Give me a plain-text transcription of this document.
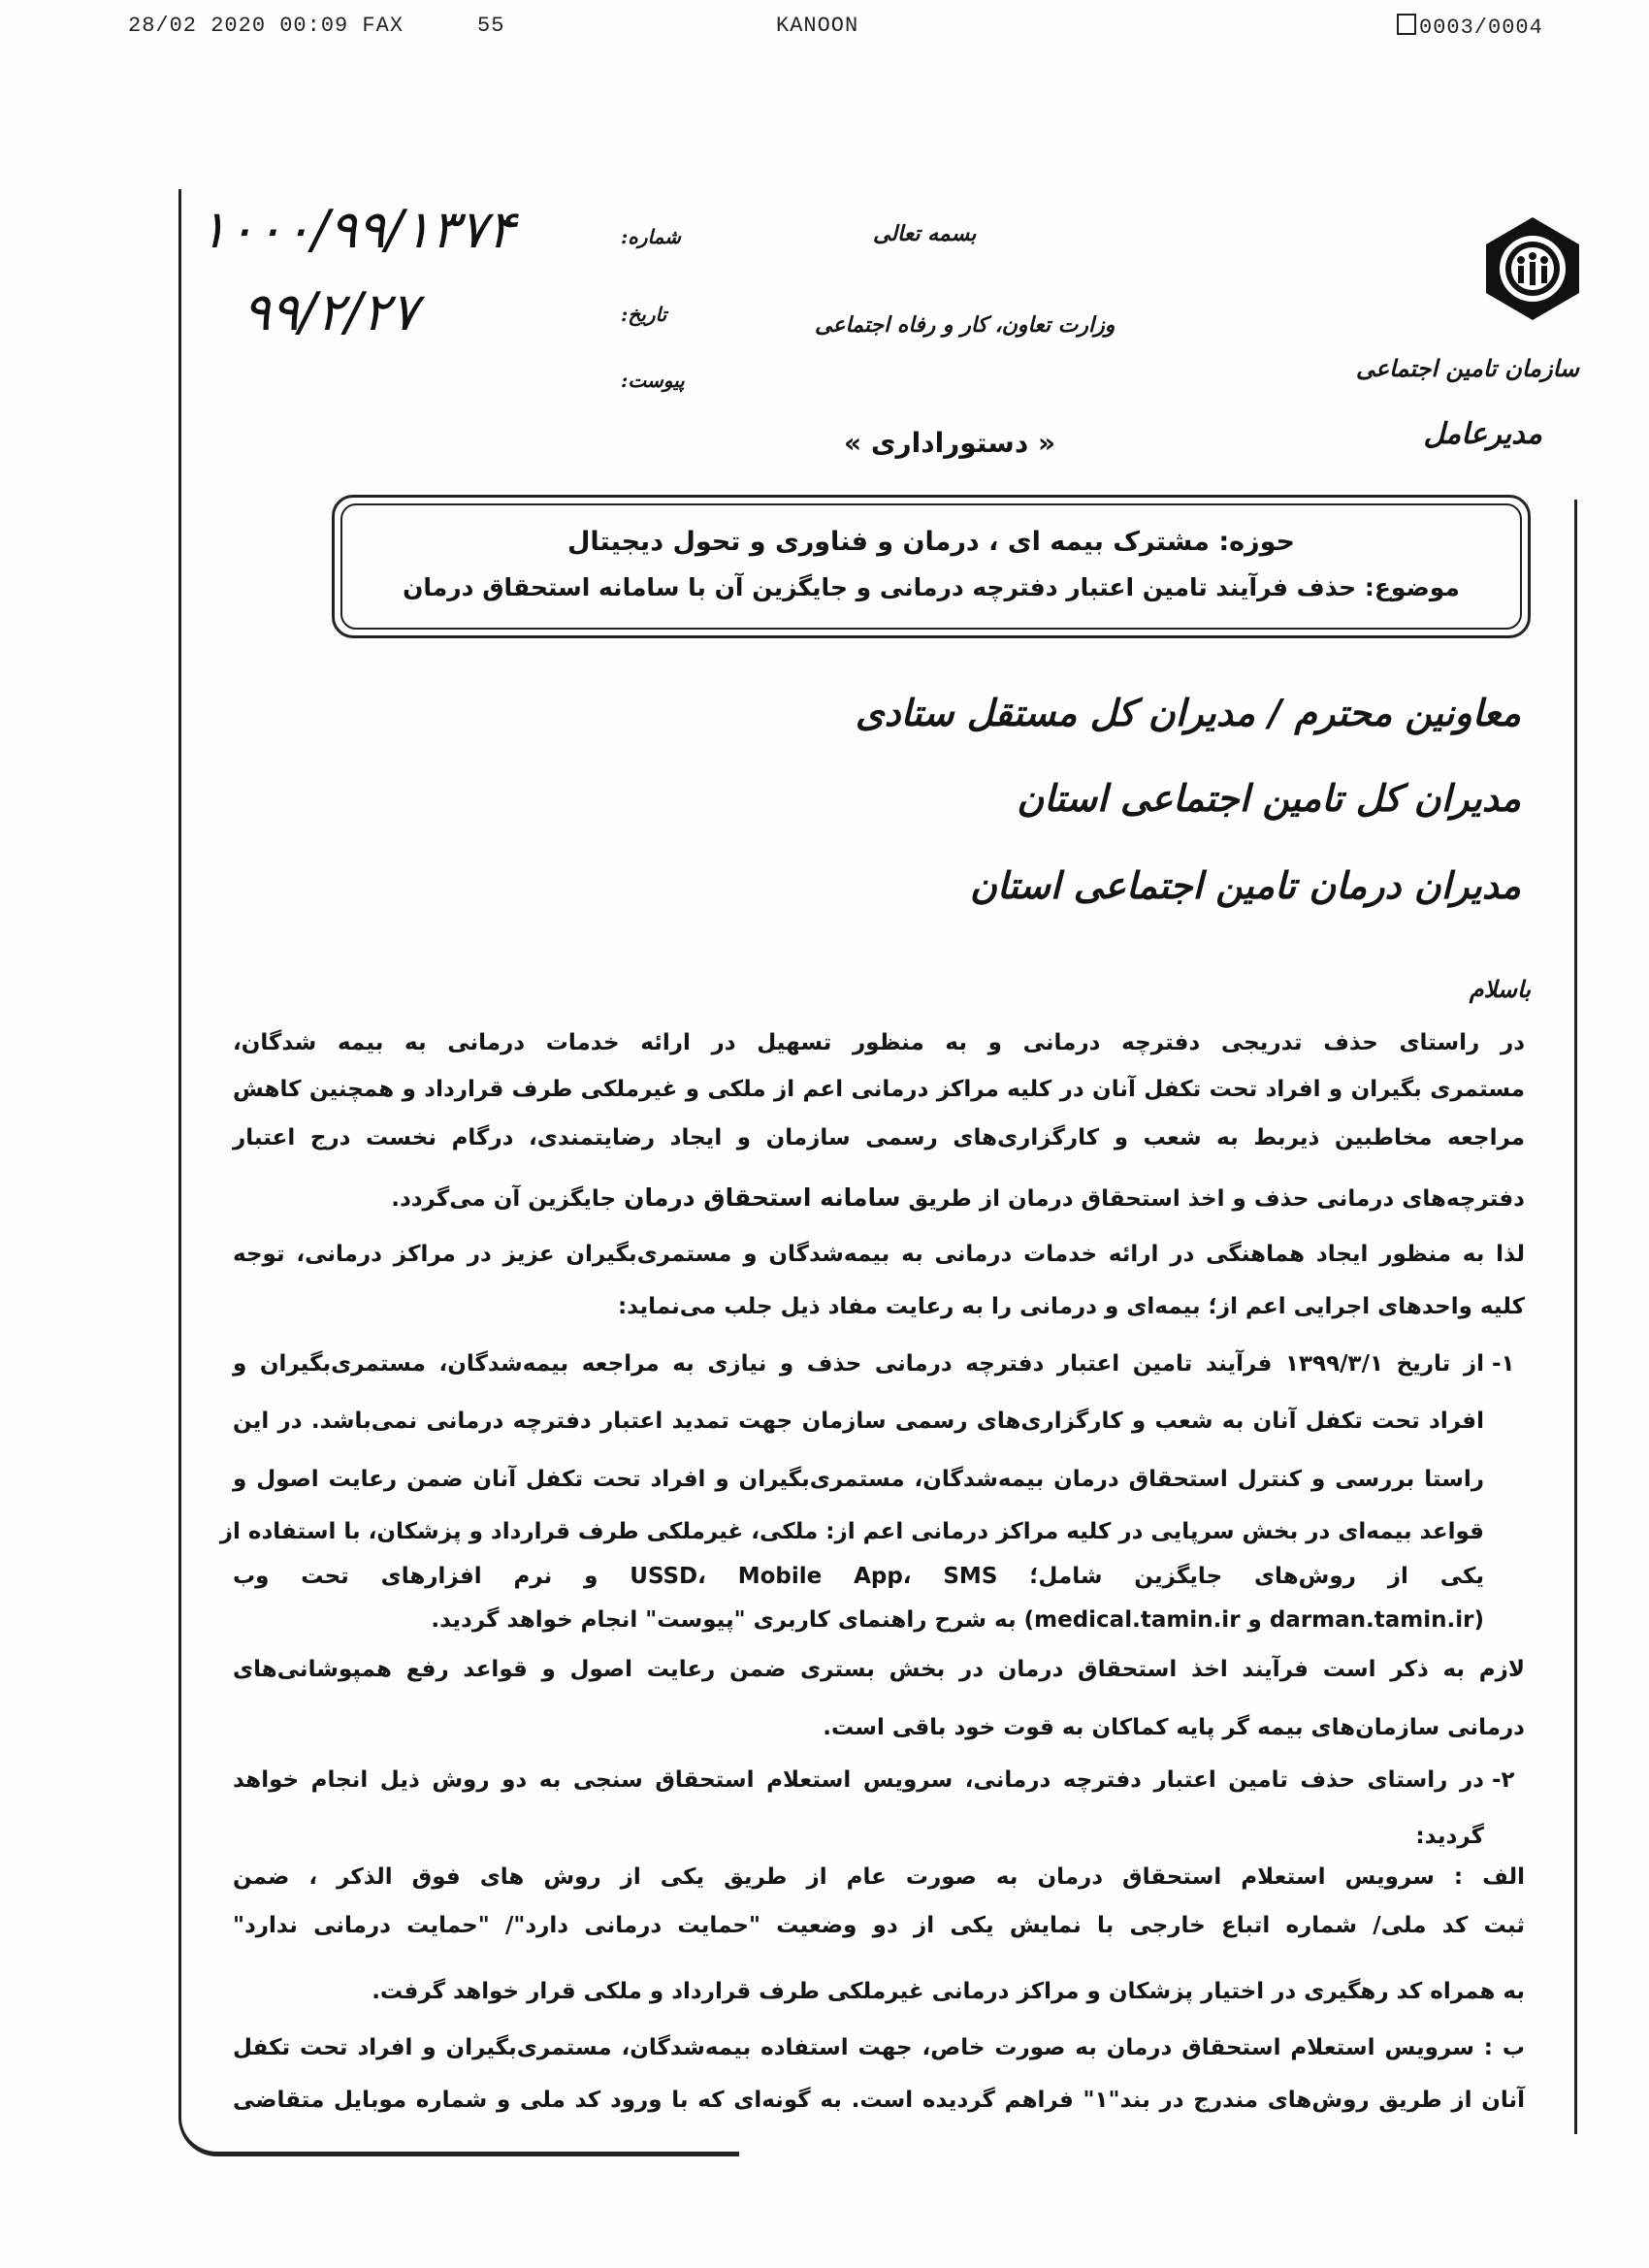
28/02 2020 00:09 FAX	55	KANOON	0003/0004
سازمان تامین اجتماعی
مدیرعامل
بسمه تعالی
وزارت تعاون، کار و رفاه اجتماعی
« دستوراداری »
شماره:
تاریخ:
پیوست:
۱۰۰۰/۹۹/۱۳۷۴
۹۹/۲/۲۷
حوزه: مشترک بیمه ای ، درمان و فناوری و تحول دیجیتال
موضوع: حذف فرآیند تامین اعتبار دفترچه درمانی و جایگزین آن با سامانه استحقاق درمان
معاونین محترم / مدیران کل مستقل ستادی
مدیران کل تامین اجتماعی استان
مدیران درمان تامین اجتماعی استان
باسلام
در راستای حذف تدریجی دفترچه درمانی و به منظور تسهیل در ارائه خدمات درمانی به بیمه شدگان،
مستمری بگیران و افراد تحت تکفل آنان در کلیه مراکز درمانی اعم از ملکی و غیرملکی طرف قرارداد و همچنین کاهش
مراجعه مخاطبین ذیربط به شعب و کارگزاری‌های رسمی سازمان و ایجاد رضایتمندی، درگام نخست درج اعتبار
دفترچه‌های درمانی حذف و اخذ استحقاق درمان از طریق سامانه استحقاق درمان جایگزین آن می‌گردد.
لذا به منظور ایجاد هماهنگی در ارائه خدمات درمانی به بیمه‌شدگان و مستمری‌بگیران عزیز در مراکز درمانی، توجه
کلیه واحدهای اجرایی اعم از؛ بیمه‌ای و درمانی را به رعایت مفاد ذیل جلب می‌نماید:
-۱
از تاریخ ۱۳۹۹/۳/۱ فرآیند تامین اعتبار دفترچه درمانی حذف و نیازی به مراجعه بیمه‌شدگان، مستمری‌بگیران و
افراد تحت تکفل آنان به شعب و کارگزاری‌های رسمی سازمان جهت تمدید اعتبار دفترچه درمانی نمی‌باشد. در این
راستا بررسی و کنترل استحقاق درمان بیمه‌شدگان، مستمری‌بگیران و افراد تحت تکفل آنان ضمن رعایت اصول و
قواعد بیمه‌ای در بخش سرپایی در کلیه مراکز درمانی اعم از: ملکی، غیرملکی طرف قرارداد و پزشکان، با استفاده از
یکی از روش‌های جایگزین شامل؛ USSD، Mobile App، SMS و نرم افزارهای تحت وب
(darman.tamin.ir و medical.tamin.ir) به شرح راهنمای کاربری "پیوست" انجام خواهد گردید.
لازم به ذکر است فرآیند اخذ استحقاق درمان در بخش بستری ضمن رعایت اصول و قواعد رفع همپوشانی‌های
درمانی سازمان‌های بیمه گر پایه کماکان به قوت خود باقی است.
-۲
در راستای حذف تامین اعتبار دفترچه درمانی، سرویس استعلام استحقاق سنجی به دو روش ذیل انجام خواهد
گردید:
الف : سرویس استعلام استحقاق درمان به صورت عام از طریق یکی از روش های فوق الذکر ، ضمن
ثبت کد ملی/ شماره اتباع خارجی با نمایش یکی از دو وضعیت "حمایت درمانی دارد"/ "حمایت درمانی ندارد"
به همراه کد رهگیری در اختیار پزشکان و مراکز درمانی غیرملکی طرف قرارداد و ملکی قرار خواهد گرفت.
ب : سرویس استعلام استحقاق درمان به صورت خاص، جهت استفاده بیمه‌شدگان، مستمری‌بگیران و افراد تحت تکفل
آنان از طریق روش‌های مندرج در بند"۱" فراهم گردیده است. به گونه‌ای که با ورود کد ملی و شماره موبایل متقاضی
